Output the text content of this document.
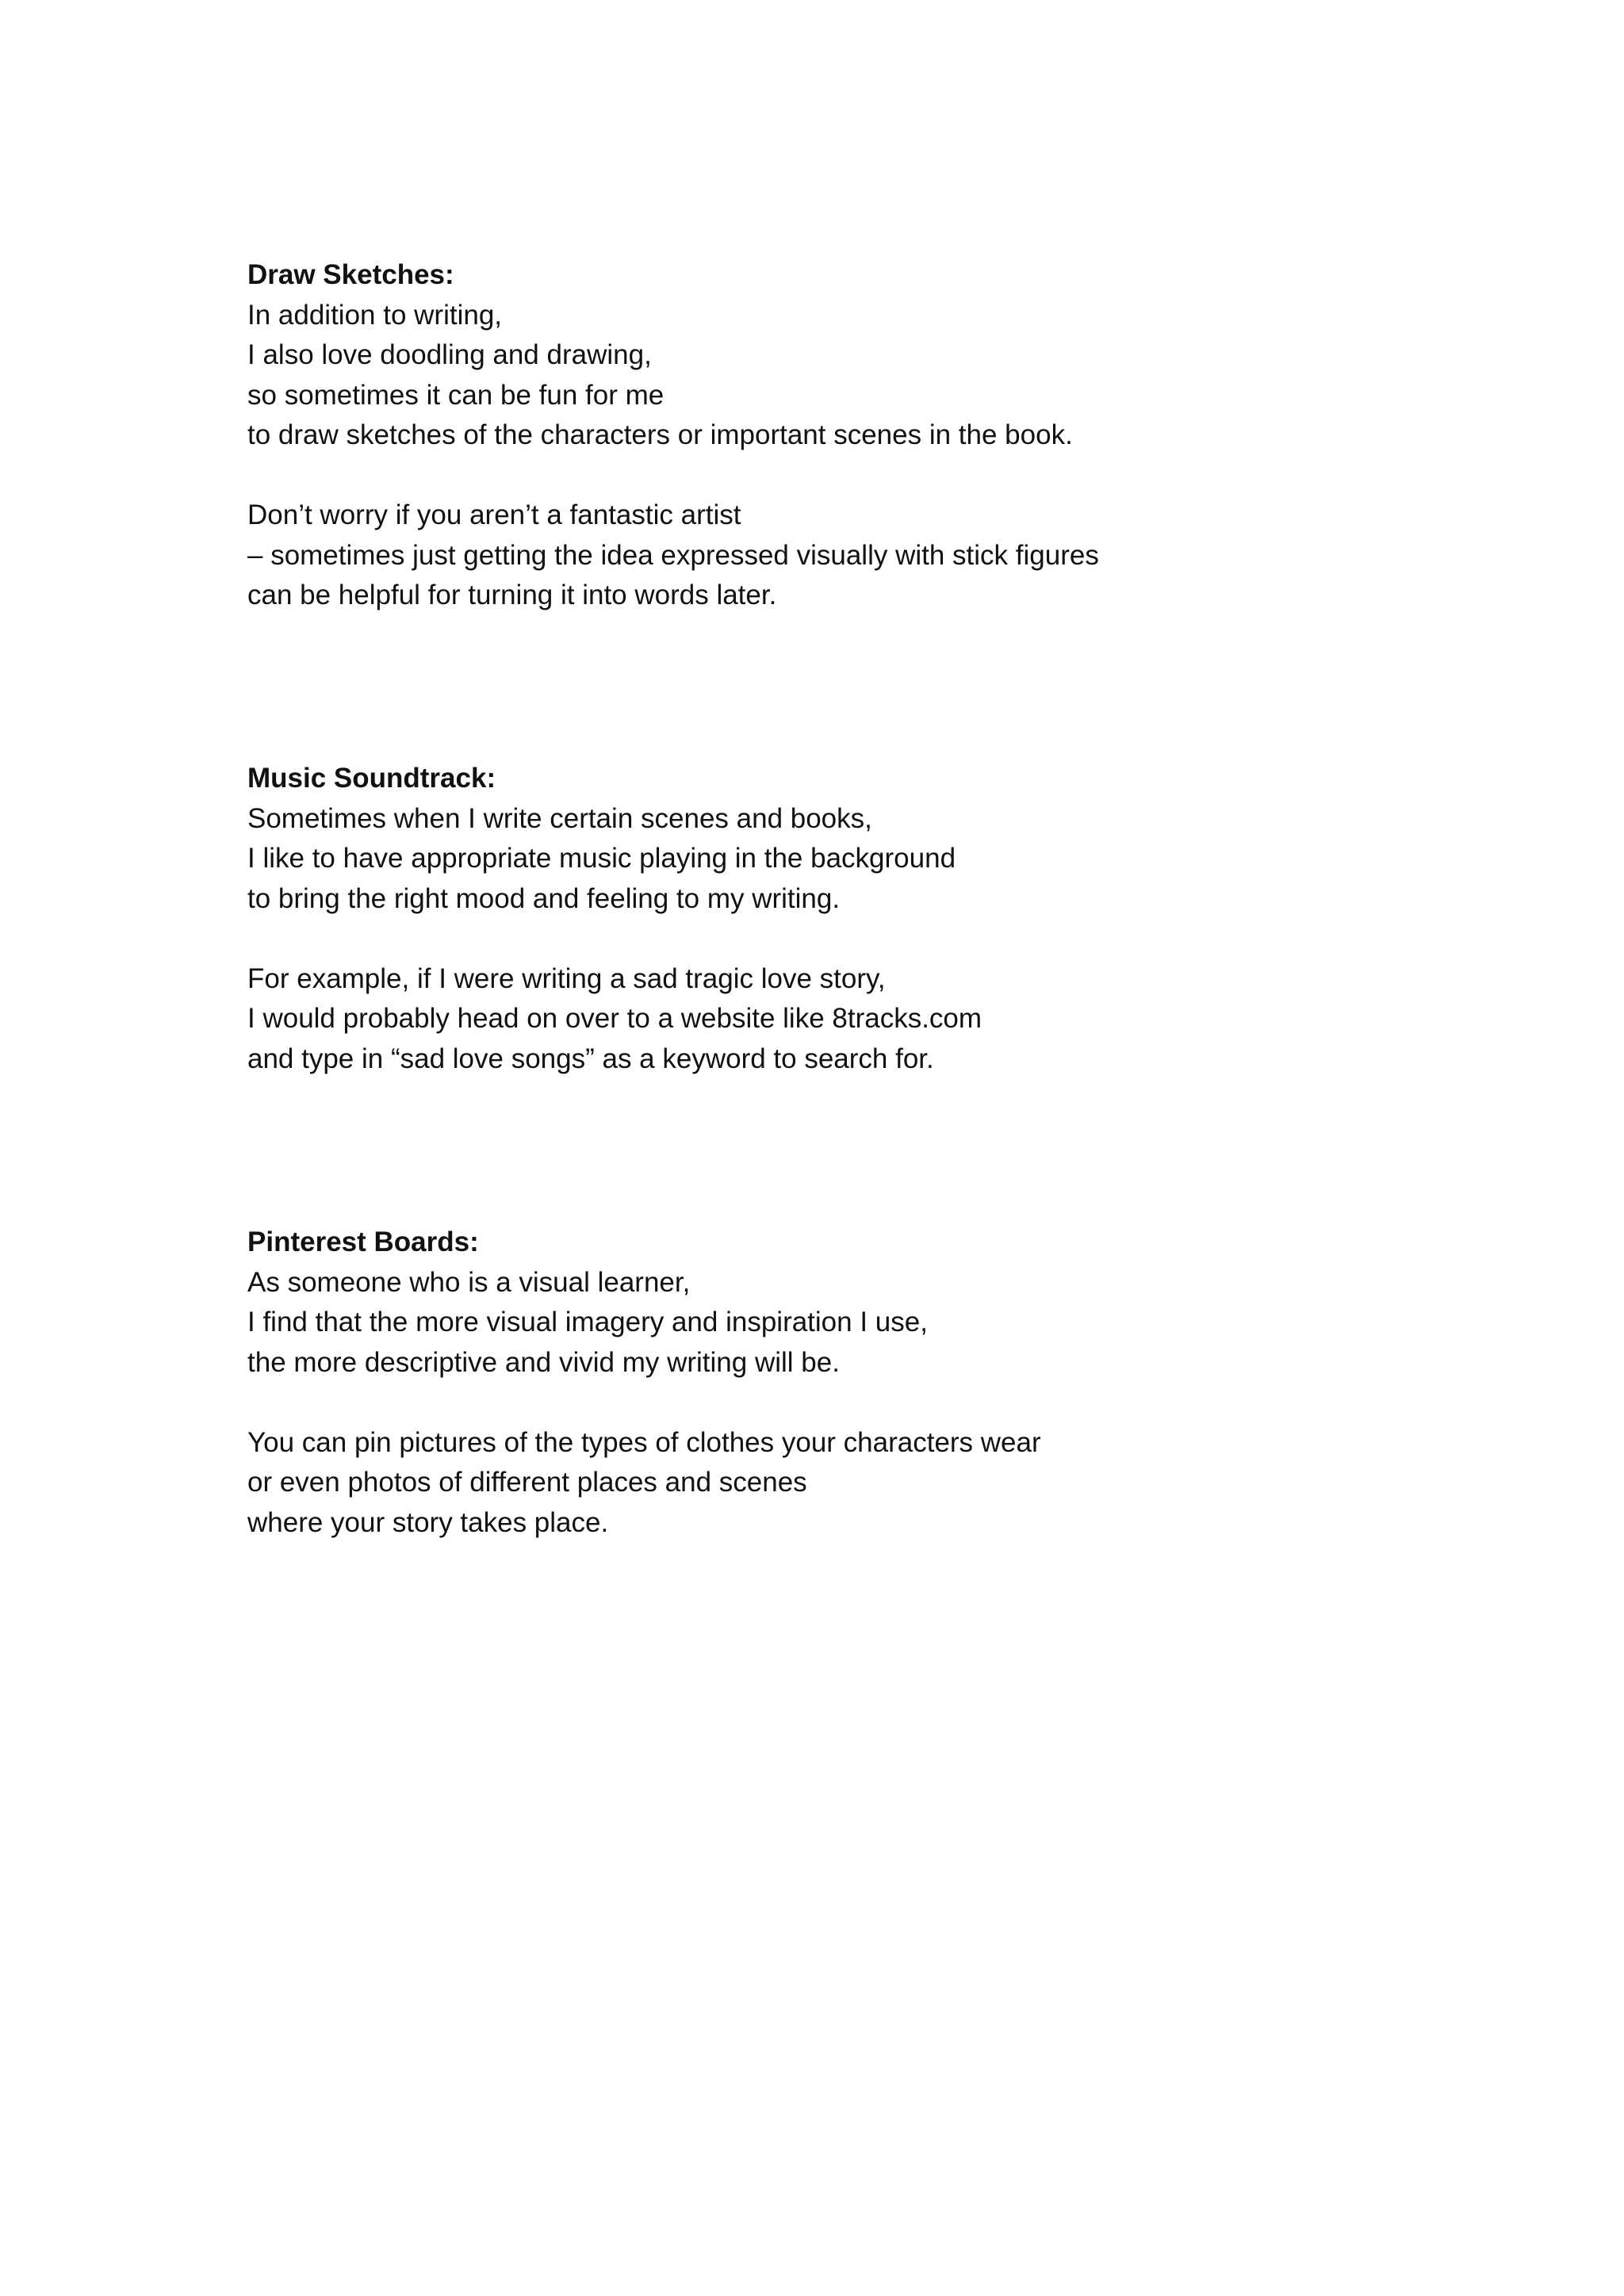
Draw Sketches:
In addition to writing,
I also love doodling and drawing,
so sometimes it can be fun for me
to draw sketches of the characters or important scenes in the book.
Don’t worry if you aren’t a fantastic artist
– sometimes just getting the idea expressed visually with stick figures
can be helpful for turning it into words later.
Music Soundtrack:
Sometimes when I write certain scenes and books,
I like to have appropriate music playing in the background
to bring the right mood and feeling to my writing.
For example, if I were writing a sad tragic love story,
I would probably head on over to a website like 8tracks.com
and type in “sad love songs” as a keyword to search for.
Pinterest Boards:
As someone who is a visual learner,
I find that the more visual imagery and inspiration I use,
the more descriptive and vivid my writing will be.
You can pin pictures of the types of clothes your characters wear
or even photos of different places and scenes
where your story takes place.
